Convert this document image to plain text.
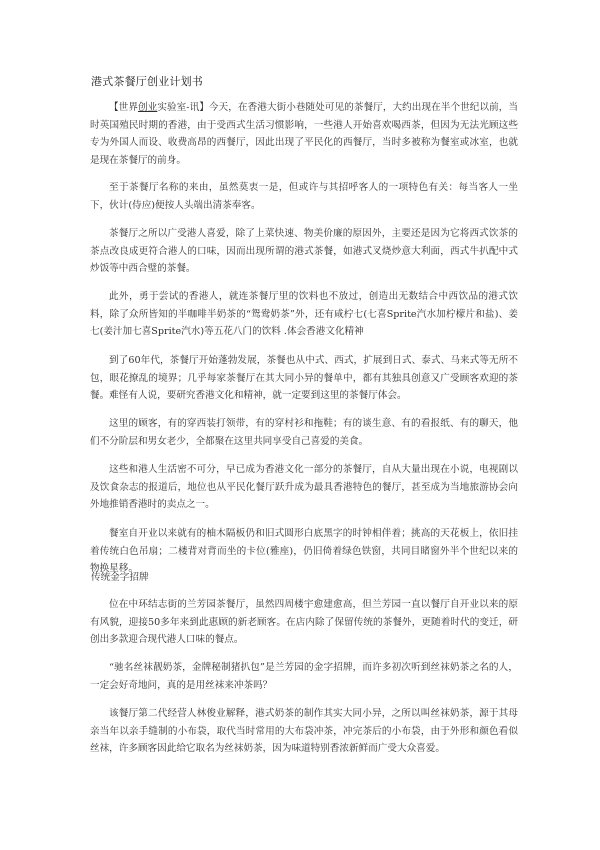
港式茶餐厅创业计划书

【世界创业实验室-讯】今天，在香港大街小巷随处可见的茶餐厅，大约出现在半个世纪以前，当时英国殖民时期的香港，由于受西式生活习惯影响，一些港人开始喜欢喝西茶，但因为无法光顾这些专为外国人而设、收费高昂的西餐厅，因此出现了平民化的西餐厅，当时多被称为餐室或冰室，也就是现在茶餐厅的前身。

至于茶餐厅名称的来由，虽然莫衷一是，但或许与其招呼客人的一项特色有关：每当客人一坐下，伙计(侍应)便按人头端出清茶奉客。

茶餐厅之所以广受港人喜爱，除了上菜快速、物美价廉的原因外，主要还是因为它将西式饮茶的茶点改良成更符合港人的口味，因而出现所谓的港式茶餐，如港式叉烧炒意大利面，西式牛扒配中式炒饭等中西合璧的茶餐。

此外，勇于尝试的香港人，就连茶餐厅里的饮料也不放过，创造出无数结合中西饮品的港式饮料，除了众所皆知的半咖啡半奶茶的“鸳鸯奶茶”外，还有咸柠七(七喜Sprite汽水加柠檬片和盐)、姜七(姜汁加七喜Sprite汽水)等五花八门的饮料 .体会香港文化精神

到了60年代，茶餐厅开始蓬勃发展，茶餐也从中式、西式，扩展到日式、泰式、马来式等无所不包，眼花撩乱的境界；几乎每家茶餐厅在其大同小异的餐单中，都有其独具创意又广受顾客欢迎的茶餐。难怪有人说，要研究香港文化和精神，就一定要到这里的茶餐厅体会。

这里的顾客，有的穿西装打领带，有的穿村衫和拖鞋；有的谈生意、有的看报纸、有的聊天，他们不分阶层和男女老少，全都聚在这里共同享受自己喜爱的美食。

这些和港人生活密不可分，早已成为香港文化一部分的茶餐厅，自从大量出现在小说，电视剧以及饮食杂志的报道后，地位也从平民化餐厅跃升成为最具香港特色的餐厅，甚至成为当地旅游协会向外地推销香港时的卖点之一。

餐室自开业以来就有的柚木隔板仍和旧式圆形白底黑字的时钟相伴着；挑高的天花板上，依旧挂着传统白色吊扇；二楼背对背而坐的卡位(雅座)，仍旧倚着绿色铁窗，共同目睹窗外半个世纪以来的物换星移。

传统金字招牌

位在中环结志街的兰芳园茶餐厅，虽然四周楼宇愈建愈高，但兰芳园一直以餐厅自开业以来的原有风貌，迎接50多年来到此惠顾的新老顾客。在店内除了保留传统的茶餐外，更随着时代的变迁，研创出多款迎合现代港人口味的餐点。

“驰名丝袜靓奶茶，金牌秘制猪扒包”是兰芳园的金字招牌，而许多初次听到丝袜奶茶之名的人，一定会好奇地问，真的是用丝袜来冲茶吗？

该餐厅第二代经营人林俊业解释，港式奶茶的制作其实大同小异，之所以叫丝袜奶茶，源于其母亲当年以亲手缝制的小布袋，取代当时常用的大布袋冲茶，冲完茶后的小布袋，由于外形和颜色看似丝袜，许多顾客因此给它取名为丝袜奶茶，因为味道特别香浓新鲜而广受大众喜爱。
